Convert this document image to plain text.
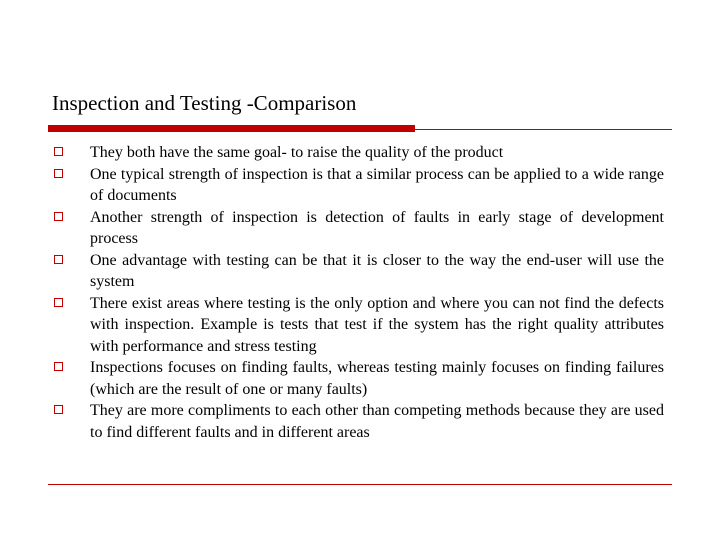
Inspection and Testing -Comparison
They both have the same goal- to raise the quality of the product
One typical strength of inspection is that a similar process can be applied to a wide range of documents
Another strength of inspection is detection of faults in early stage of development process
One advantage with testing can be that it is closer to the way the end-user will use the system
There exist areas where testing is the only option and where you can not find the defects with inspection. Example is tests that test if the system has the right quality attributes with performance and stress testing
Inspections focuses on finding faults, whereas testing mainly focuses on finding failures (which are the result of one or many faults)
They are more compliments to each other than competing methods because they are used to find different faults and in different areas
